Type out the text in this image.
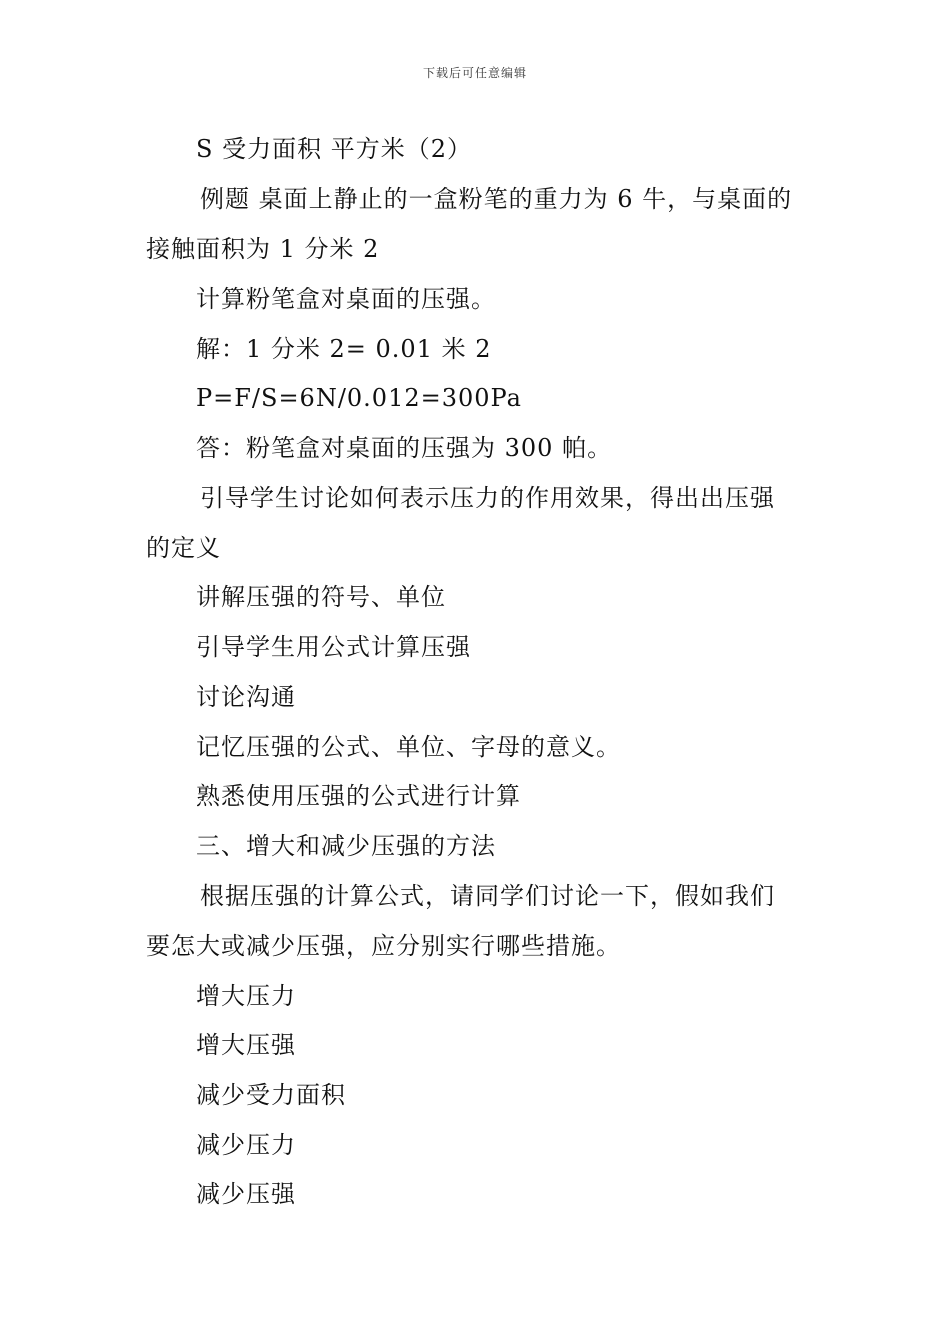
下载后可任意编辑
S 受力面积 平方米（2）
例题 桌面上静止的一盒粉笔的重力为 6 牛，与桌面的
接触面积为 1 分米 2
计算粉笔盒对桌面的压强。
解：1 分米 2= 0.01 米 2
P=F/S=6N/0.012=300Pa
答：粉笔盒对桌面的压强为 300 帕。
引导学生讨论如何表示压力的作用效果，得出出压强
的定义
讲解压强的符号、单位
引导学生用公式计算压强
讨论沟通
记忆压强的公式、单位、字母的意义。
熟悉使用压强的公式进行计算
三、增大和减少压强的方法
根据压强的计算公式，请同学们讨论一下，假如我们
要怎大或减少压强，应分别实行哪些措施。
增大压力
增大压强
减少受力面积
减少压力
减少压强
